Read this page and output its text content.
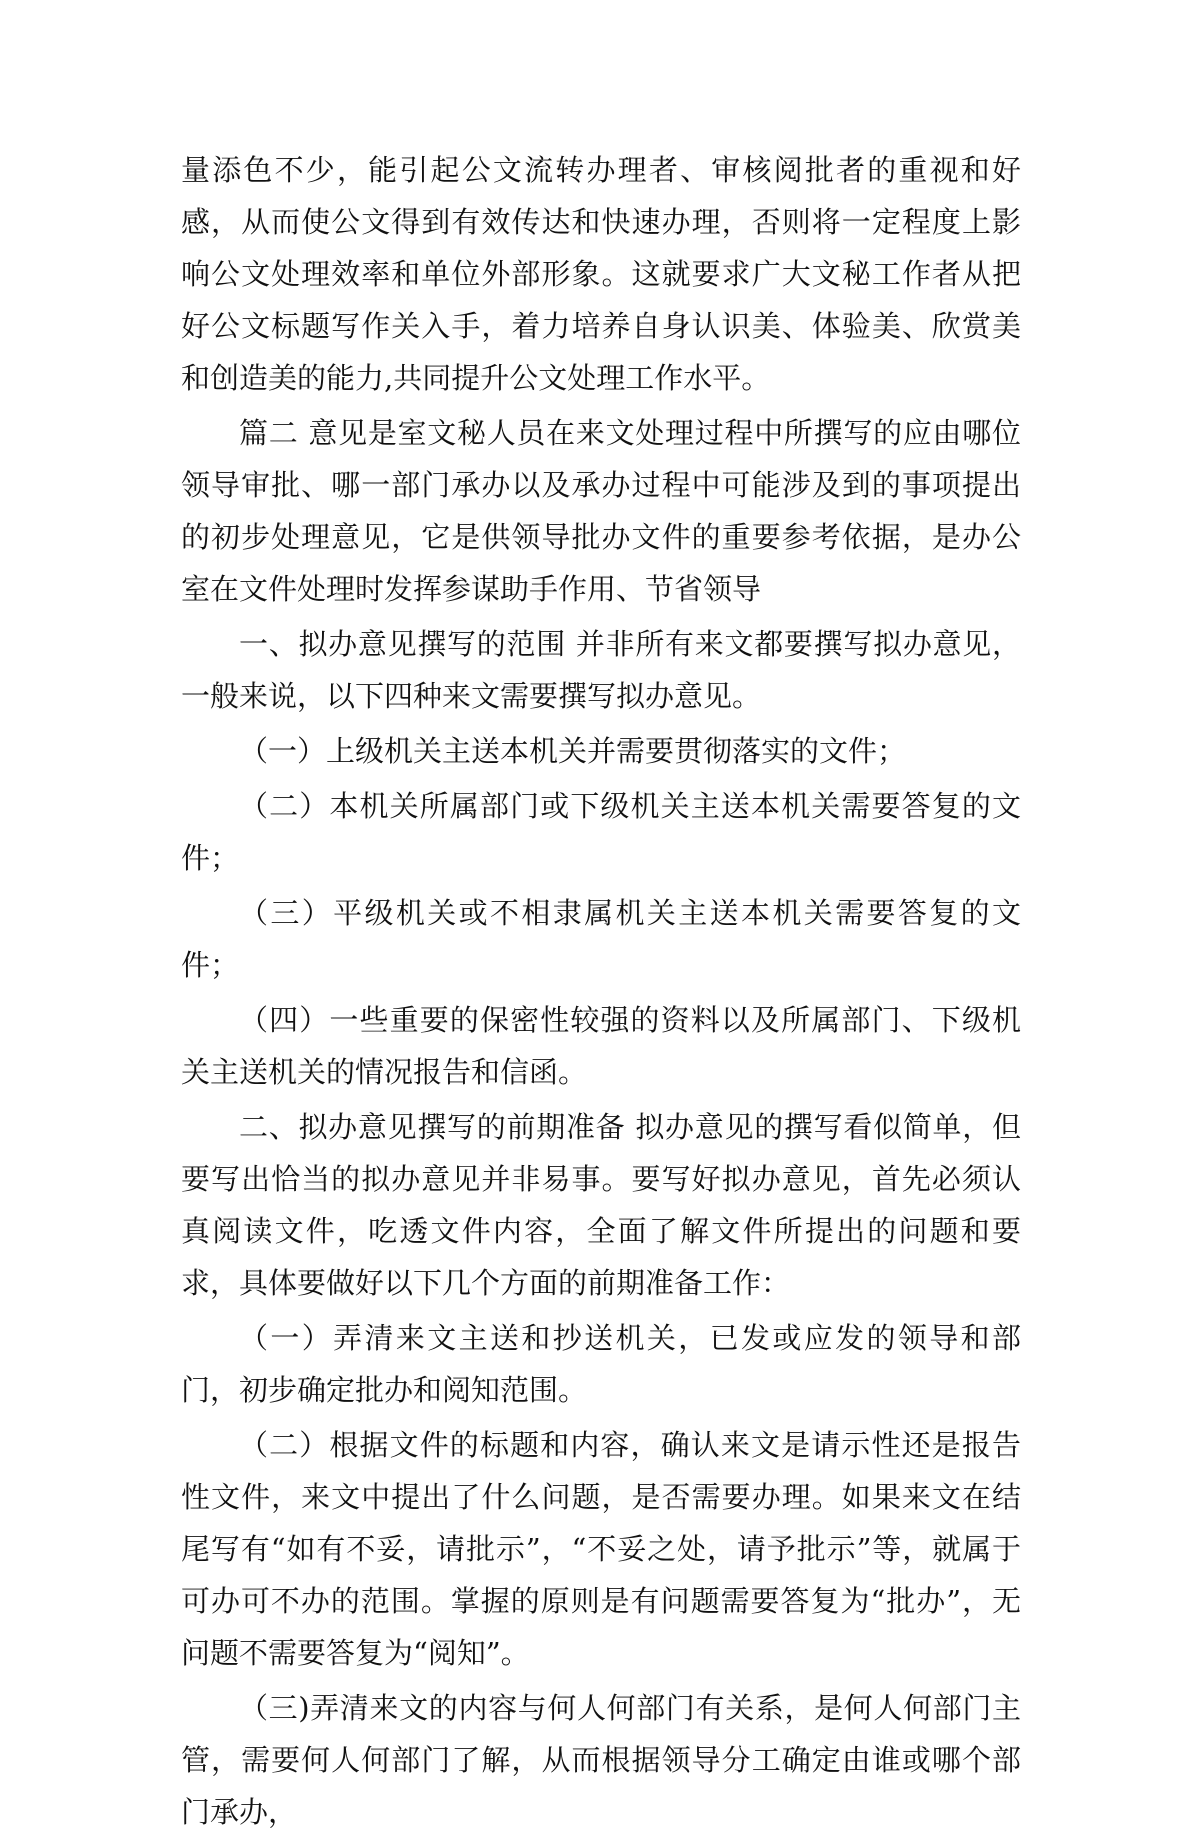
量添色不少，能引起公文流转办理者、审核阅批者的重视和好感，从而使公文得到有效传达和快速办理，否则将一定程度上影响公文处理效率和单位外部形象。这就要求广大文秘工作者从把好公文标题写作关入手，着力培养自身认识美、体验美、欣赏美和创造美的能力,共同提升公文处理工作水平。

篇二 意见是室文秘人员在来文处理过程中所撰写的应由哪位领导审批、哪一部门承办以及承办过程中可能涉及到的事项提出的初步处理意见，它是供领导批办文件的重要参考依据，是办公室在文件处理时发挥参谋助手作用、节省领导

一、拟办意见撰写的范围 并非所有来文都要撰写拟办意见，一般来说，以下四种来文需要撰写拟办意见。

（一）上级机关主送本机关并需要贯彻落实的文件；

（二）本机关所属部门或下级机关主送本机关需要答复的文件；

（三）平级机关或不相隶属机关主送本机关需要答复的文件；

（四）一些重要的保密性较强的资料以及所属部门、下级机关主送机关的情况报告和信函。

二、拟办意见撰写的前期准备 拟办意见的撰写看似简单，但要写出恰当的拟办意见并非易事。要写好拟办意见，首先必须认真阅读文件，吃透文件内容，全面了解文件所提出的问题和要求，具体要做好以下几个方面的前期准备工作：

（一）弄清来文主送和抄送机关，已发或应发的领导和部门，初步确定批办和阅知范围。

（二）根据文件的标题和内容，确认来文是请示性还是报告性文件，来文中提出了什么问题，是否需要办理。如果来文在结尾写有“如有不妥，请批示”，“不妥之处，请予批示”等，就属于可办可不办的范围。掌握的原则是有问题需要答复为“批办”，无问题不需要答复为“阅知”。

（三)弄清来文的内容与何人何部门有关系，是何人何部门主管，需要何人何部门了解，从而根据领导分工确定由谁或哪个部门承办，
